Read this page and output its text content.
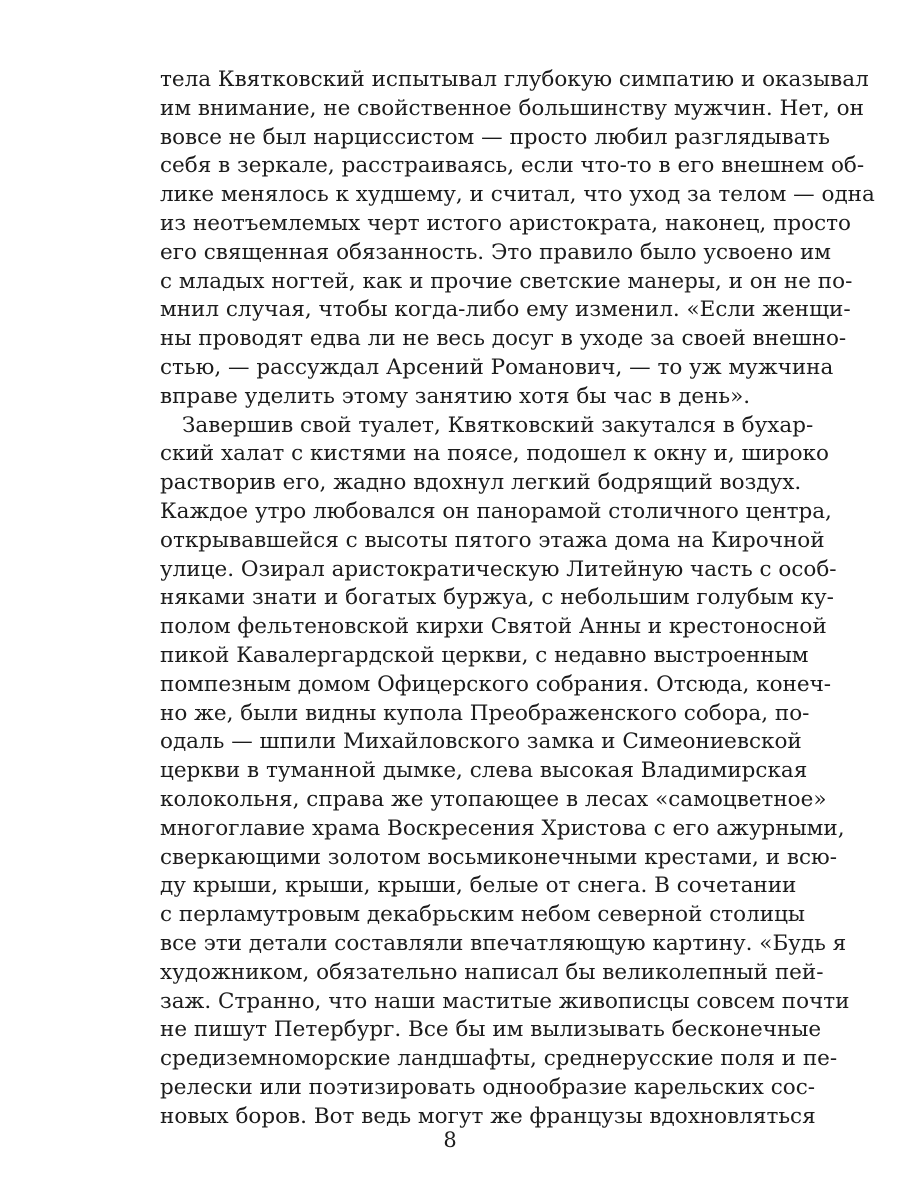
тела Квятковский испытывал глубокую симпатию и оказывал
им внимание, не свойственное большинству мужчин. Нет, он
вовсе не был нарциссистом — просто любил разглядывать
себя в зеркале, расстраиваясь, если что-то в его внешнем об-
лике менялось к худшему, и считал, что уход за телом — одна
из неотъемлемых черт истого аристократа, наконец, просто
его священная обязанность. Это правило было усвоено им
с младых ногтей, как и прочие светские манеры, и он не по-
мнил случая, чтобы когда-либо ему изменил. «Если женщи-
ны проводят едва ли не весь досуг в уходе за своей внешно-
стью, — рассуждал Арсений Романович, — то уж мужчина
вправе уделить этому занятию хотя бы час в день».
Завершив свой туалет, Квятковский закутался в бухар-
ский халат с кистями на поясе, подошел к окну и, широко
растворив его, жадно вдохнул легкий бодрящий воздух.
Каждое утро любовался он панорамой столичного центра,
открывавшейся с высоты пятого этажа дома на Кирочной
улице. Озирал аристократическую Литейную часть с особ-
няками знати и богатых буржуа, с небольшим голубым ку-
полом фельтеновской кирхи Святой Анны и крестоносной
пикой Кавалергардской церкви, с недавно выстроенным
помпезным домом Офицерского собрания. Отсюда, конеч-
но же, были видны купола Преображенского собора, по-
одаль — шпили Михайловского замка и Симеониевской
церкви в туманной дымке, слева высокая Владимирская
колокольня, справа же утопающее в лесах «самоцветное»
многоглавие храма Воскресения Христова с его ажурными,
сверкающими золотом восьмиконечными крестами, и всю-
ду крыши, крыши, крыши, белые от снега. В сочетании
с перламутровым декабрьским небом северной столицы
все эти детали составляли впечатляющую картину. «Будь я
художником, обязательно написал бы великолепный пей-
заж. Странно, что наши маститые живописцы совсем почти
не пишут Петербург. Все бы им вылизывать бесконечные
средиземноморские ландшафты, среднерусские поля и пе-
релески или поэтизировать однообразие карельских сос-
новых боров. Вот ведь могут же французы вдохновляться
8
